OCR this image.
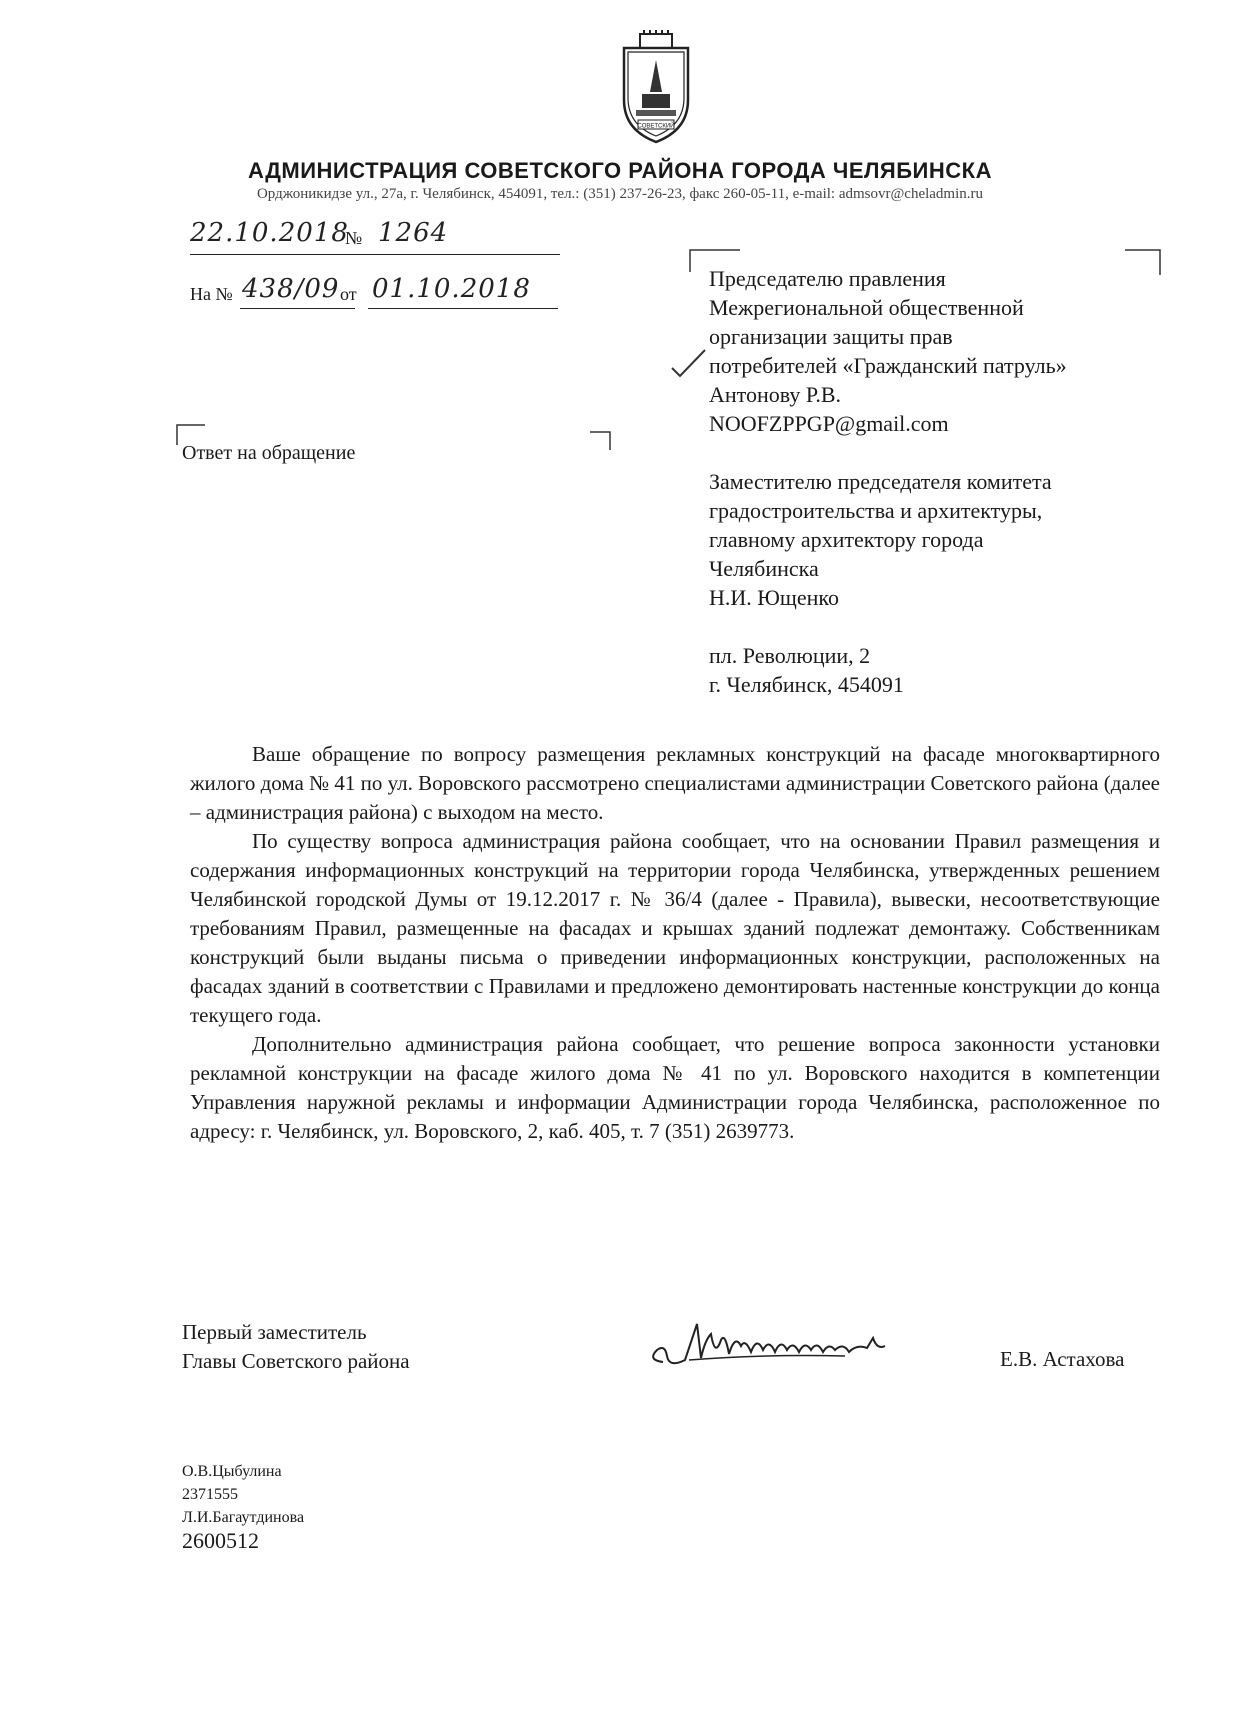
СОВЕТСКИЙ
АДМИНИСТРАЦИЯ СОВЕТСКОГО РАЙОНА ГОРОДА ЧЕЛЯБИНСКА
Орджоникидзе ул., 27а, г. Челябинск, 454091, тел.: (351) 237-26-23, факс 260-05-11, e-mail: admsovr@cheladmin.ru
22.10.2018
№ 1264
На № 438/09 от 01.10.2018
Ответ на обращение
Председателю правления
Межрегиональной общественной
организации защиты прав
потребителей «Гражданский патруль»
Антонову Р.В.
NOOFZPPGP@gmail.com
Заместителю председателя комитета
градостроительства и архитектуры,
главному архитектору города
Челябинска
Н.И. Ющенко
пл. Революции, 2
г. Челябинск, 454091

Ваше обращение по вопросу размещения рекламных конструкций на фасаде многоквартирного жилого дома № 41 по ул. Воровского рассмотрено специалистами администрации Советского района (далее – администрация района) с выходом на место.

По существу вопроса администрация района сообщает, что на основании Правил размещения и содержания информационных конструкций на территории города Челябинска, утвержденных решением Челябинской городской Думы от 19.12.2017 г. № 36/4 (далее - Правила), вывески, несоответствующие требованиям Правил, размещенные на фасадах и крышах зданий подлежат демонтажу. Собственникам конструкций были выданы письма о приведении информационных конструкции, расположенных на фасадах зданий в соответствии с Правилами и предложено демонтировать настенные конструкции до конца текущего года.

Дополнительно администрация района сообщает, что решение вопроса законности установки рекламной конструкции на фасаде жилого дома № 41 по ул. Воровского находится в компетенции Управления наружной рекламы и информации Администрации города Челябинска, расположенное по адресу: г. Челябинск, ул. Воровского, 2, каб. 405, т. 7 (351) 2639773.

Первый заместитель
Главы Советского района	Е.В. Астахова
О.В.Цыбулина
2371555
Л.И.Багаутдинова
2600512
